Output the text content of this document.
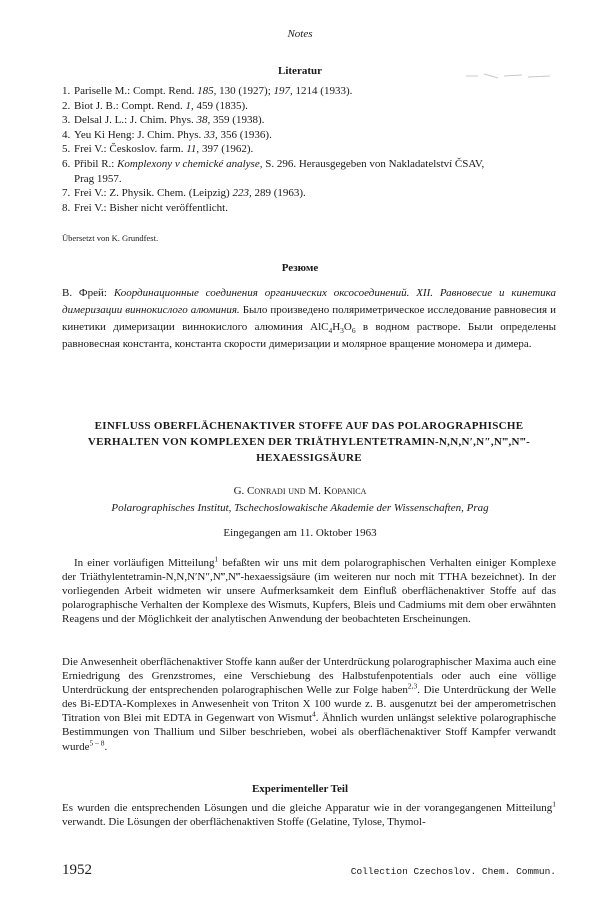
Notes
Literatur
1. Pariselle M.: Compt. Rend. 185, 130 (1927); 197, 1214 (1933).
2. Biot J. B.: Compt. Rend. 1, 459 (1835).
3. Delsal J. L.: J. Chim. Phys. 38, 359 (1938).
4. Yeu Ki Heng: J. Chim. Phys. 33, 356 (1936).
5. Frei V.: Českoslov. farm. 11, 397 (1962).
6. Přibil R.: Komplexony v chemické analyse, S. 296. Herausgegeben von Nakladatelství ČSAV,
Prag 1957.
7. Frei V.: Z. Physik. Chem. (Leipzig) 223, 289 (1963).
8. Frei V.: Bisher nicht veröffentlicht.
Übersetzt von K. Grundfest.
Резюме

В. Фрей: Координационные соединения органических оксосоединений. XII. Равновесие и кинетика димеризации виннокислого алюминия. Было произведено поляриметрическое исследование равновесия и кинетики димеризации виннокислого алюминия $AlC_4H_3O_6$ в водном растворе. Были определены равновесная константа, константа скорости димеризации и молярное вращение мономера и димера.

EINFLUSS OBERFLÄCHENAKTIVER STOFFE AUF DAS POLAROGRAPHISCHE
VERHALTEN VON KOMPLEXEN DER TRIÄTHYLENTETRAMIN-N,N,N′,N″,N‴,N‴-
HEXAESSIGSÄURE
G. Conradi und M. Kopanica
Polarographisches Institut, Tschechoslowakische Akademie der Wissenschaften, Prag
Eingegangen am 11. Oktober 1963

In einer vorläufigen Mitteilung$^1$ befaßten wir uns mit dem polarographischen Verhalten einiger Komplexe der Triäthylentetramin-N,N,N′N″,N‴,N‴-hexaessigsäure (im weiteren nur noch mit TTHA bezeichnet). In der vorliegenden Arbeit widmeten wir unsere Aufmerksamkeit dem Einfluß oberflächenaktiver Stoffe auf das polarographische Verhalten der Komplexe des Wismuts, Kupfers, Bleis und Cadmiums mit dem ober erwähnten Reagens und der Möglichkeit der analytischen Anwendung der beobachteten Erscheinungen.

Die Anwesenheit oberflächenaktiver Stoffe kann außer der Unterdrückung polarographischer Maxima auch eine Erniedrigung des Grenzstromes, eine Verschiebung des Halbstufenpotentials oder auch eine völlige Unterdrückung der entsprechenden polarographischen Welle zur Folge haben$^{2,3}$. Die Unterdrückung der Welle des Bi-EDTA-Komplexes in Anwesenheit von Triton X 100 wurde z. B. ausgenutzt bei der amperometrischen Titration von Blei mit EDTA in Gegenwart von Wismut$^4$. Ähnlich wurden unlängst selektive polarographische Bestimmungen von Thallium und Silber beschrieben, wobei als oberflächenaktiver Stoff Kampfer verwandt wurde$^{5 - 8}$.

Experimenteller Teil

Es wurden die entsprechenden Lösungen und die gleiche Apparatur wie in der vorangegangenen Mitteilung$^1$ verwandt. Die Lösungen der oberflächenaktiven Stoffe (Gelatine, Tylose, Thymol-

1952	Collection Czechoslov. Chem. Commun.
